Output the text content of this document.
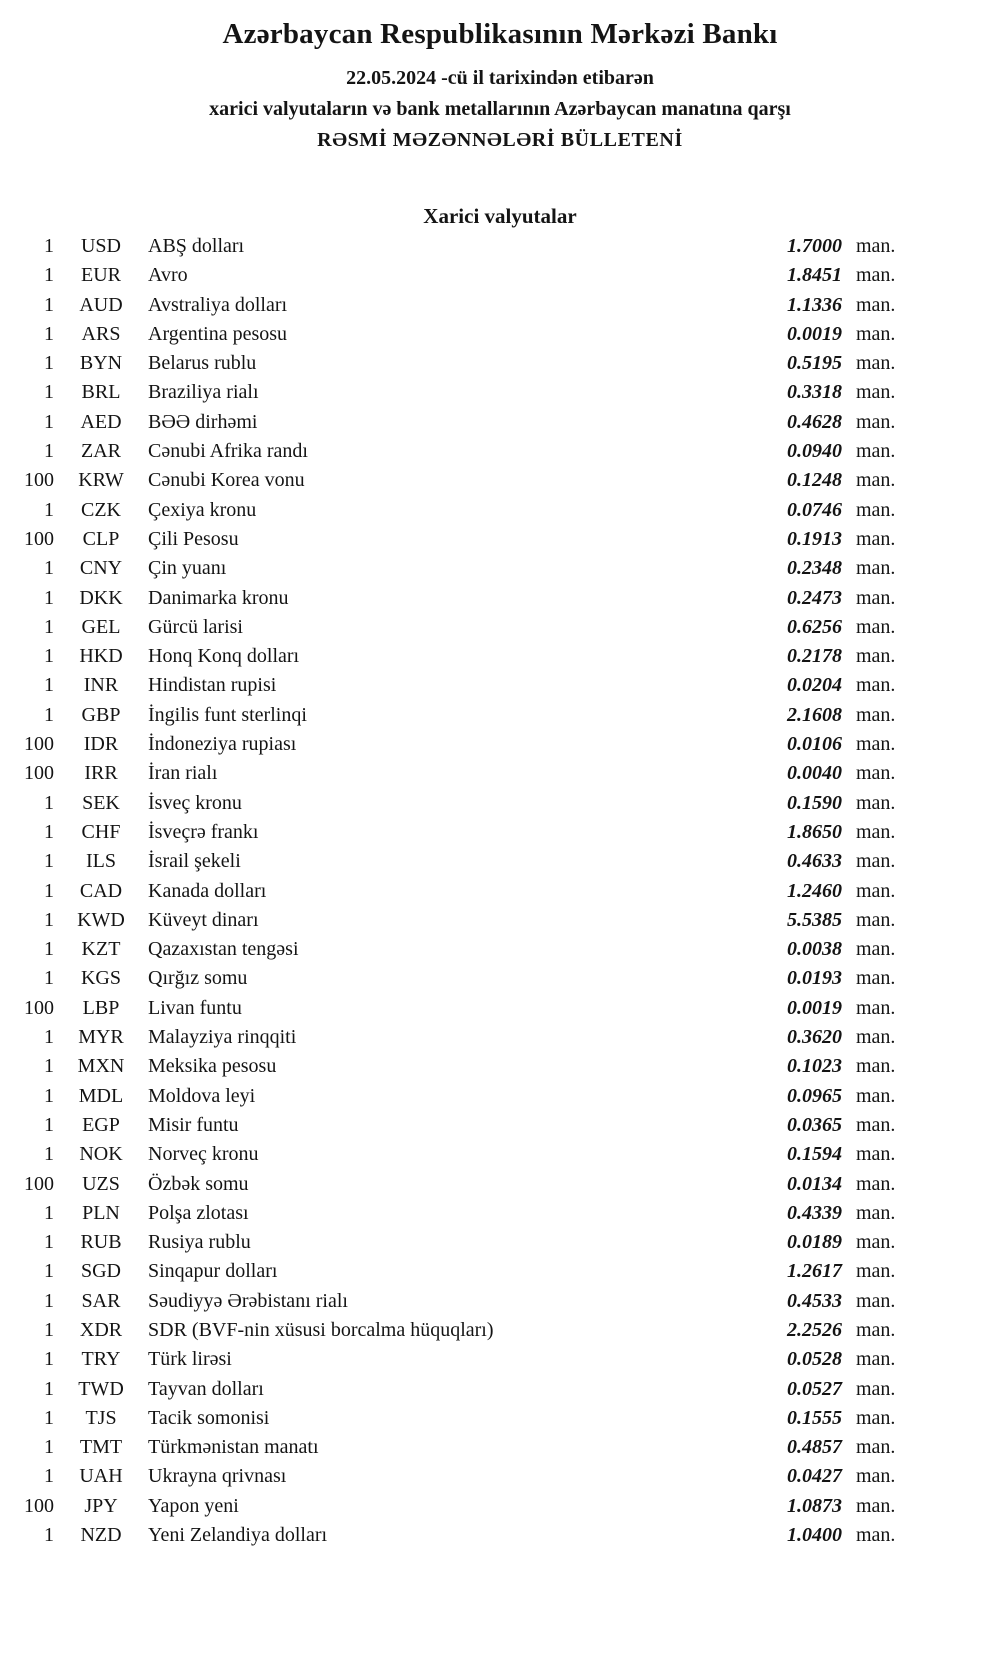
Azərbaycan Respublikasının Mərkəzi Bankı
22.05.2024 -cü il tarixindən etibarən
xarici valyutaların və bank metallarının Azərbaycan manatına qarşı
RƏSMİ MƏZƏNNƏLƏRİ BÜLLETENİ
Xarici valyutalar
1	USD	ABŞ dolları	1.7000 man.
1	EUR	Avro	1.8451 man.
1	AUD	Avstraliya dolları	1.1336 man.
1	ARS	Argentina pesosu	0.0019 man.
1	BYN	Belarus rublu	0.5195 man.
1	BRL	Braziliya rialı	0.3318 man.
1	AED	BƏƏ dirhəmi	0.4628 man.
1	ZAR	Cənubi Afrika randı	0.0940 man.
100	KRW	Cənubi Korea vonu	0.1248 man.
1	CZK	Çexiya kronu	0.0746 man.
100	CLP	Çili Pesosu	0.1913 man.
1	CNY	Çin yuanı	0.2348 man.
1	DKK	Danimarka kronu	0.2473 man.
1	GEL	Gürcü larisi	0.6256 man.
1	HKD	Honq Konq dolları	0.2178 man.
1	INR	Hindistan rupisi	0.0204 man.
1	GBP	İngilis funt sterlinqi	2.1608 man.
100	IDR	İndoneziya rupiası	0.0106 man.
100	IRR	İran rialı	0.0040 man.
1	SEK	İsveç kronu	0.1590 man.
1	CHF	İsveçrə frankı	1.8650 man.
1	ILS	İsrail şekeli	0.4633 man.
1	CAD	Kanada dolları	1.2460 man.
1	KWD	Küveyt dinarı	5.5385 man.
1	KZT	Qazaxıstan tengəsi	0.0038 man.
1	KGS	Qırğız somu	0.0193 man.
100	LBP	Livan funtu	0.0019 man.
1	MYR	Malayziya rinqqiti	0.3620 man.
1	MXN	Meksika pesosu	0.1023 man.
1	MDL	Moldova leyi	0.0965 man.
1	EGP	Misir funtu	0.0365 man.
1	NOK	Norveç kronu	0.1594 man.
100	UZS	Özbək somu	0.0134 man.
1	PLN	Polşa zlotası	0.4339 man.
1	RUB	Rusiya rublu	0.0189 man.
1	SGD	Sinqapur dolları	1.2617 man.
1	SAR	Səudiyyə Ərəbistanı rialı	0.4533 man.
1	XDR	SDR (BVF-nin xüsusi borcalma hüquqları)	2.2526 man.
1	TRY	Türk lirəsi	0.0528 man.
1	TWD	Tayvan dolları	0.0527 man.
1	TJS	Tacik somonisi	0.1555 man.
1	TMT	Türkmənistan manatı	0.4857 man.
1	UAH	Ukrayna qrivnası	0.0427 man.
100	JPY	Yapon yeni	1.0873 man.
1	NZD	Yeni Zelandiya dolları	1.0400 man.
